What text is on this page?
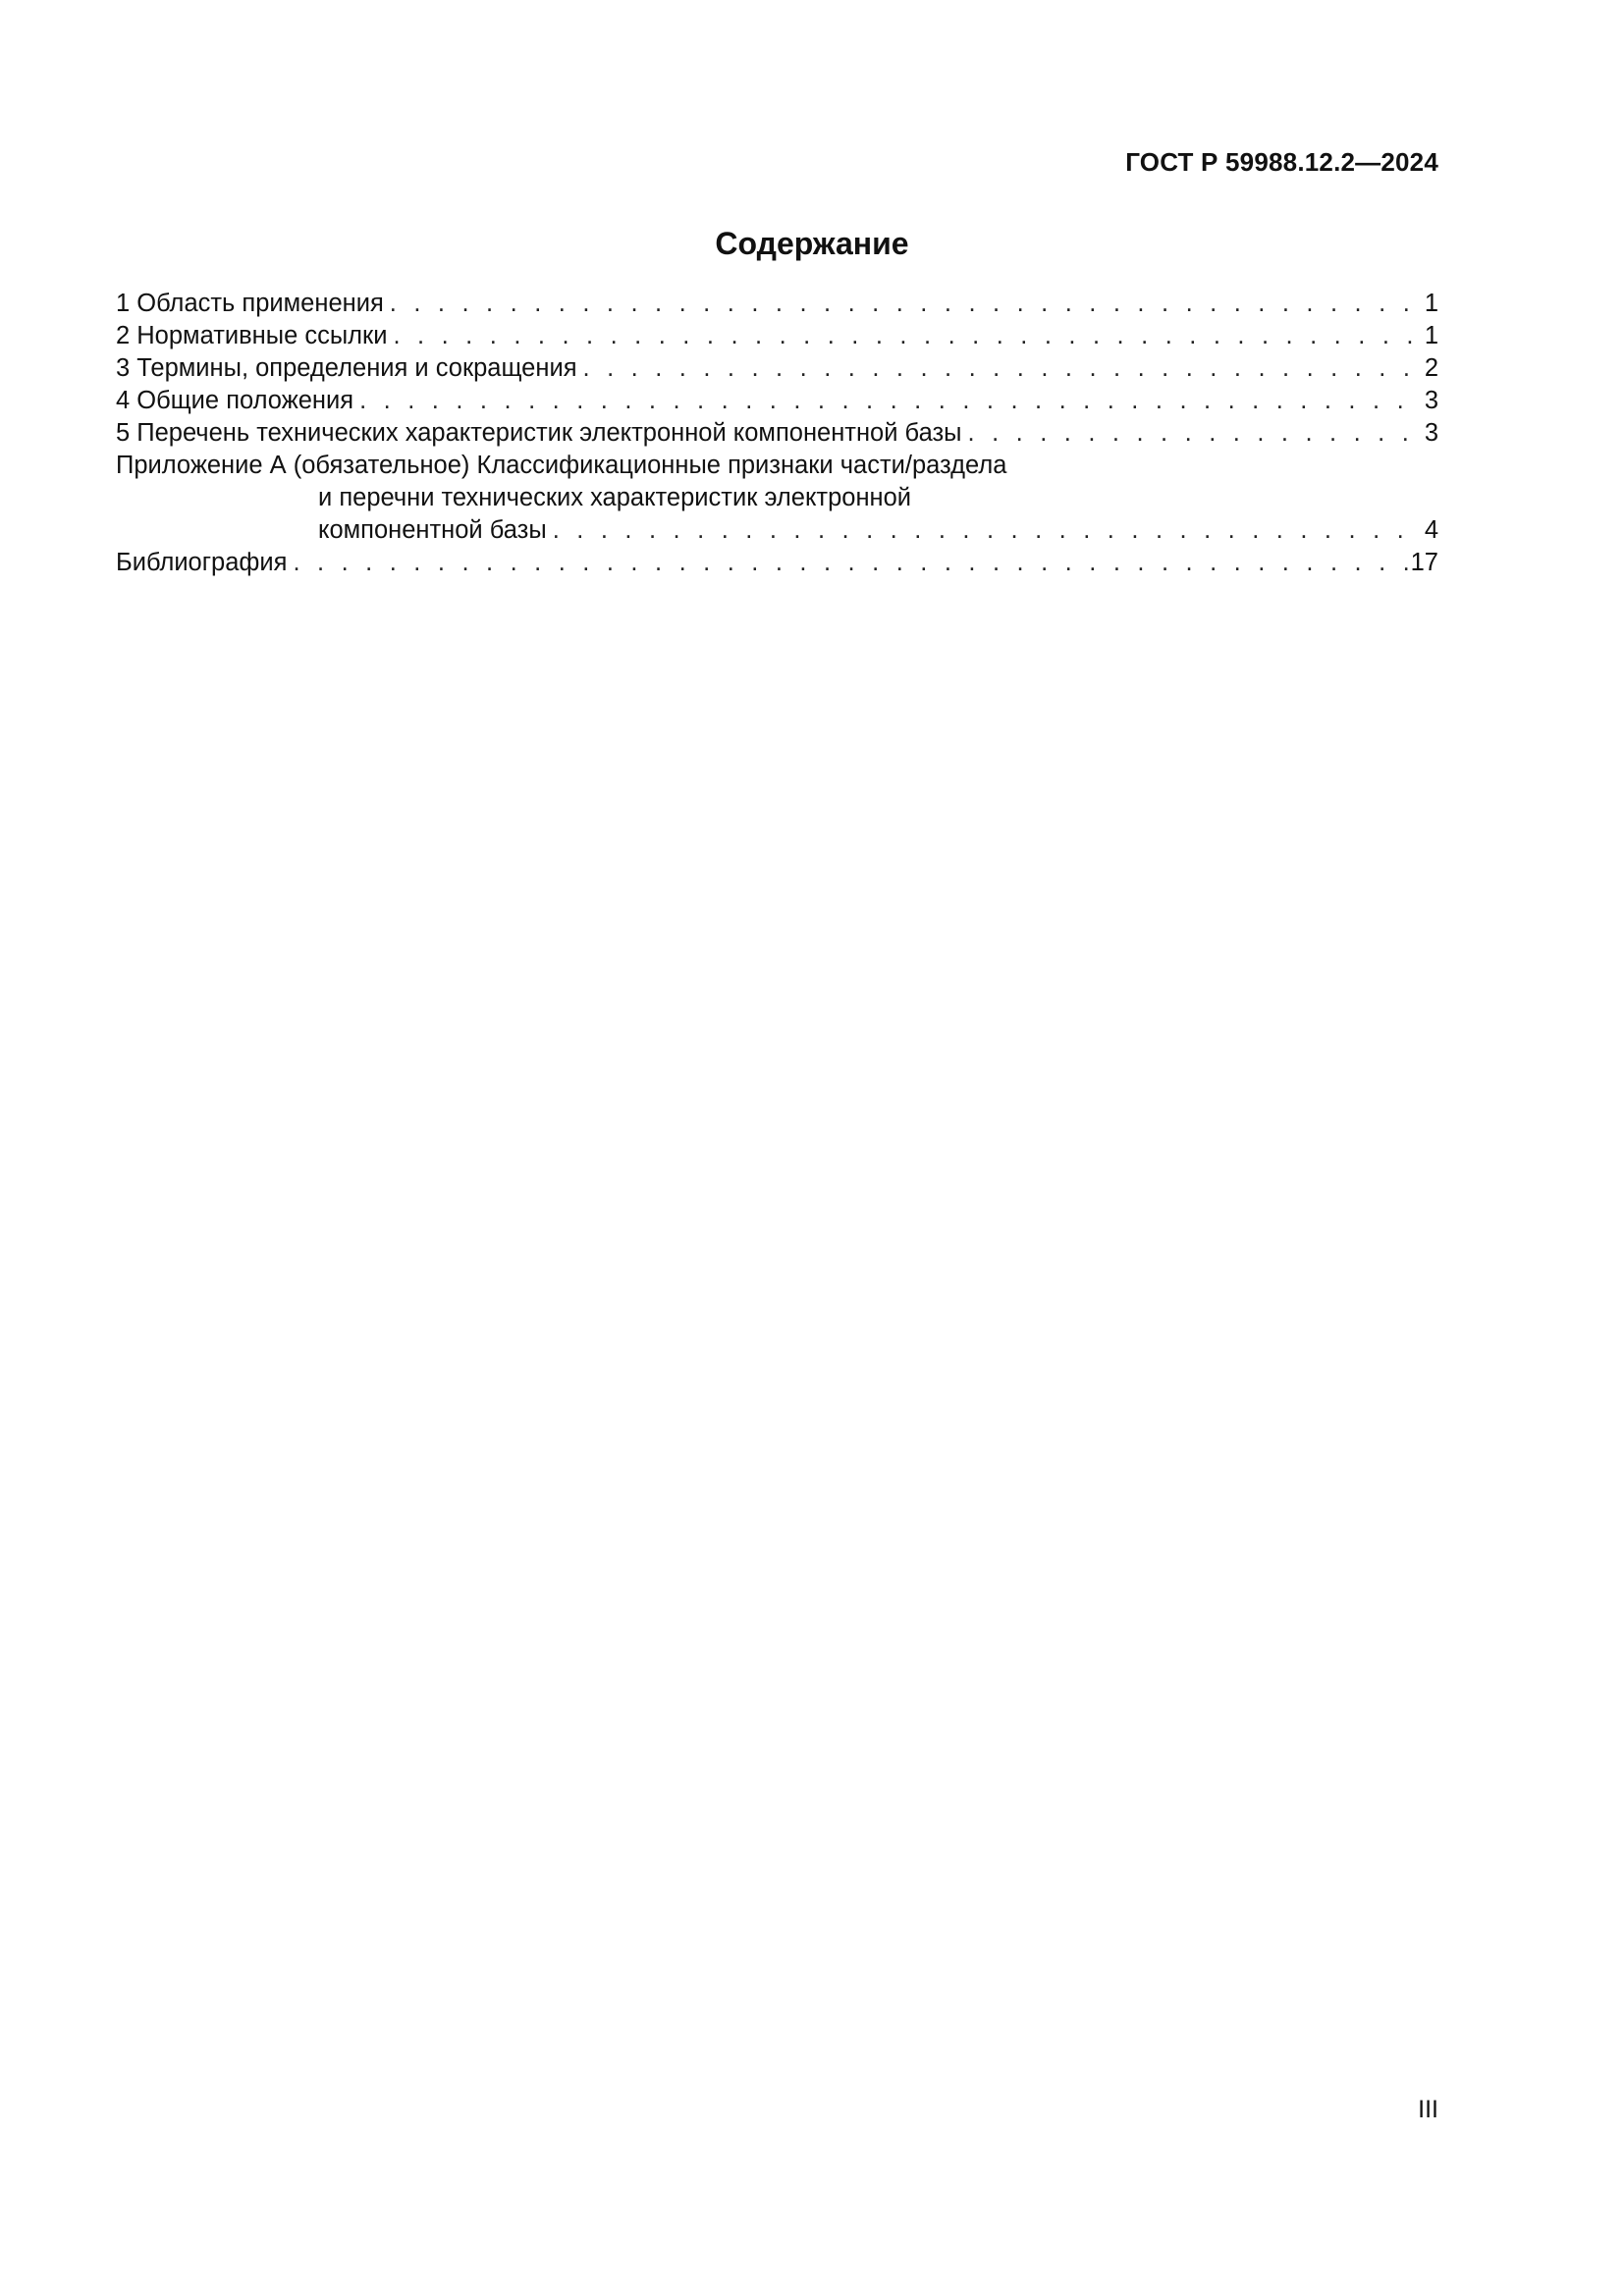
ГОСТ Р 59988.12.2—2024
Содержание
1 Область применения . . .	1
2 Нормативные ссылки . . .	1
3 Термины, определения и сокращения . . .	2
4 Общие положения . . .	3
5 Перечень технических характеристик электронной компонентной базы . . .	3
Приложение А (обязательное) Классификационные признаки части/раздела
и перечни технических характеристик электронной
компонентной базы . . .	4
Библиография . . .	17
III
